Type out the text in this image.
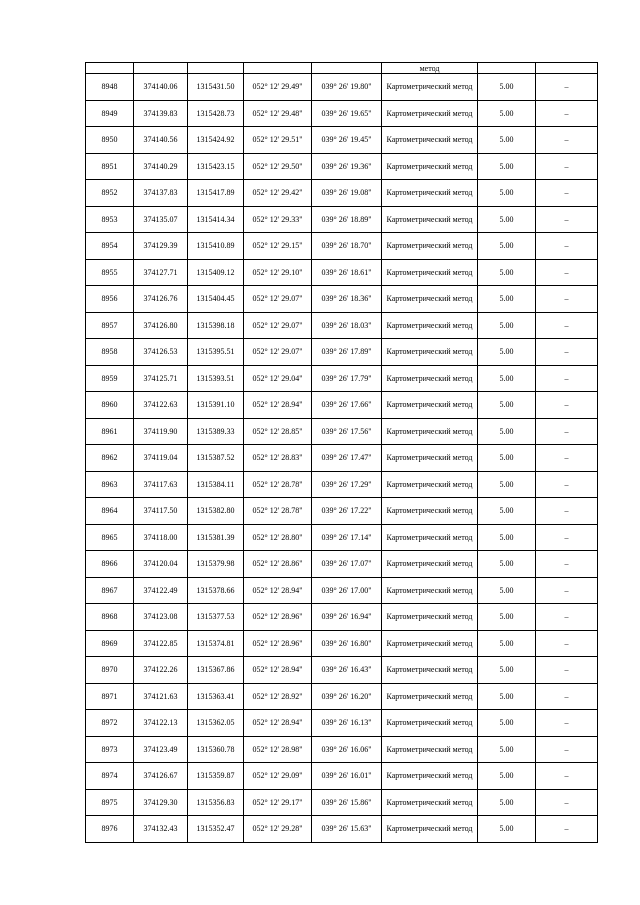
					метод		
8948	374140.06	1315431.50	052° 12' 29.49"	039° 26' 19.80"	Картометрический метод	5.00	–
8949	374139.83	1315428.73	052° 12' 29.48"	039° 26' 19.65"	Картометрический метод	5.00	–
8950	374140.56	1315424.92	052° 12' 29.51"	039° 26' 19.45"	Картометрический метод	5.00	–
8951	374140.29	1315423.15	052° 12' 29.50"	039° 26' 19.36"	Картометрический метод	5.00	–
8952	374137.83	1315417.89	052° 12' 29.42"	039° 26' 19.08"	Картометрический метод	5.00	–
8953	374135.07	1315414.34	052° 12' 29.33"	039° 26' 18.89"	Картометрический метод	5.00	–
8954	374129.39	1315410.89	052° 12' 29.15"	039° 26' 18.70"	Картометрический метод	5.00	–
8955	374127.71	1315409.12	052° 12' 29.10"	039° 26' 18.61"	Картометрический метод	5.00	–
8956	374126.76	1315404.45	052° 12' 29.07"	039° 26' 18.36"	Картометрический метод	5.00	–
8957	374126.80	1315398.18	052° 12' 29.07"	039° 26' 18.03"	Картометрический метод	5.00	–
8958	374126.53	1315395.51	052° 12' 29.07"	039° 26' 17.89"	Картометрический метод	5.00	–
8959	374125.71	1315393.51	052° 12' 29.04"	039° 26' 17.79"	Картометрический метод	5.00	–
8960	374122.63	1315391.10	052° 12' 28.94"	039° 26' 17.66"	Картометрический метод	5.00	–
8961	374119.90	1315389.33	052° 12' 28.85"	039° 26' 17.56"	Картометрический метод	5.00	–
8962	374119.04	1315387.52	052° 12' 28.83"	039° 26' 17.47"	Картометрический метод	5.00	–
8963	374117.63	1315384.11	052° 12' 28.78"	039° 26' 17.29"	Картометрический метод	5.00	–
8964	374117.50	1315382.80	052° 12' 28.78"	039° 26' 17.22"	Картометрический метод	5.00	–
8965	374118.00	1315381.39	052° 12' 28.80"	039° 26' 17.14"	Картометрический метод	5.00	–
8966	374120.04	1315379.98	052° 12' 28.86"	039° 26' 17.07"	Картометрический метод	5.00	–
8967	374122.49	1315378.66	052° 12' 28.94"	039° 26' 17.00"	Картометрический метод	5.00	–
8968	374123.08	1315377.53	052° 12' 28.96"	039° 26' 16.94"	Картометрический метод	5.00	–
8969	374122.85	1315374.81	052° 12' 28.96"	039° 26' 16.80"	Картометрический метод	5.00	–
8970	374122.26	1315367.86	052° 12' 28.94"	039° 26' 16.43"	Картометрический метод	5.00	–
8971	374121.63	1315363.41	052° 12' 28.92"	039° 26' 16.20"	Картометрический метод	5.00	–
8972	374122.13	1315362.05	052° 12' 28.94"	039° 26' 16.13"	Картометрический метод	5.00	–
8973	374123.49	1315360.78	052° 12' 28.98"	039° 26' 16.06"	Картометрический метод	5.00	–
8974	374126.67	1315359.87	052° 12' 29.09"	039° 26' 16.01"	Картометрический метод	5.00	–
8975	374129.30	1315356.83	052° 12' 29.17"	039° 26' 15.86"	Картометрический метод	5.00	–
8976	374132.43	1315352.47	052° 12' 29.28"	039° 26' 15.63"	Картометрический метод	5.00	–
